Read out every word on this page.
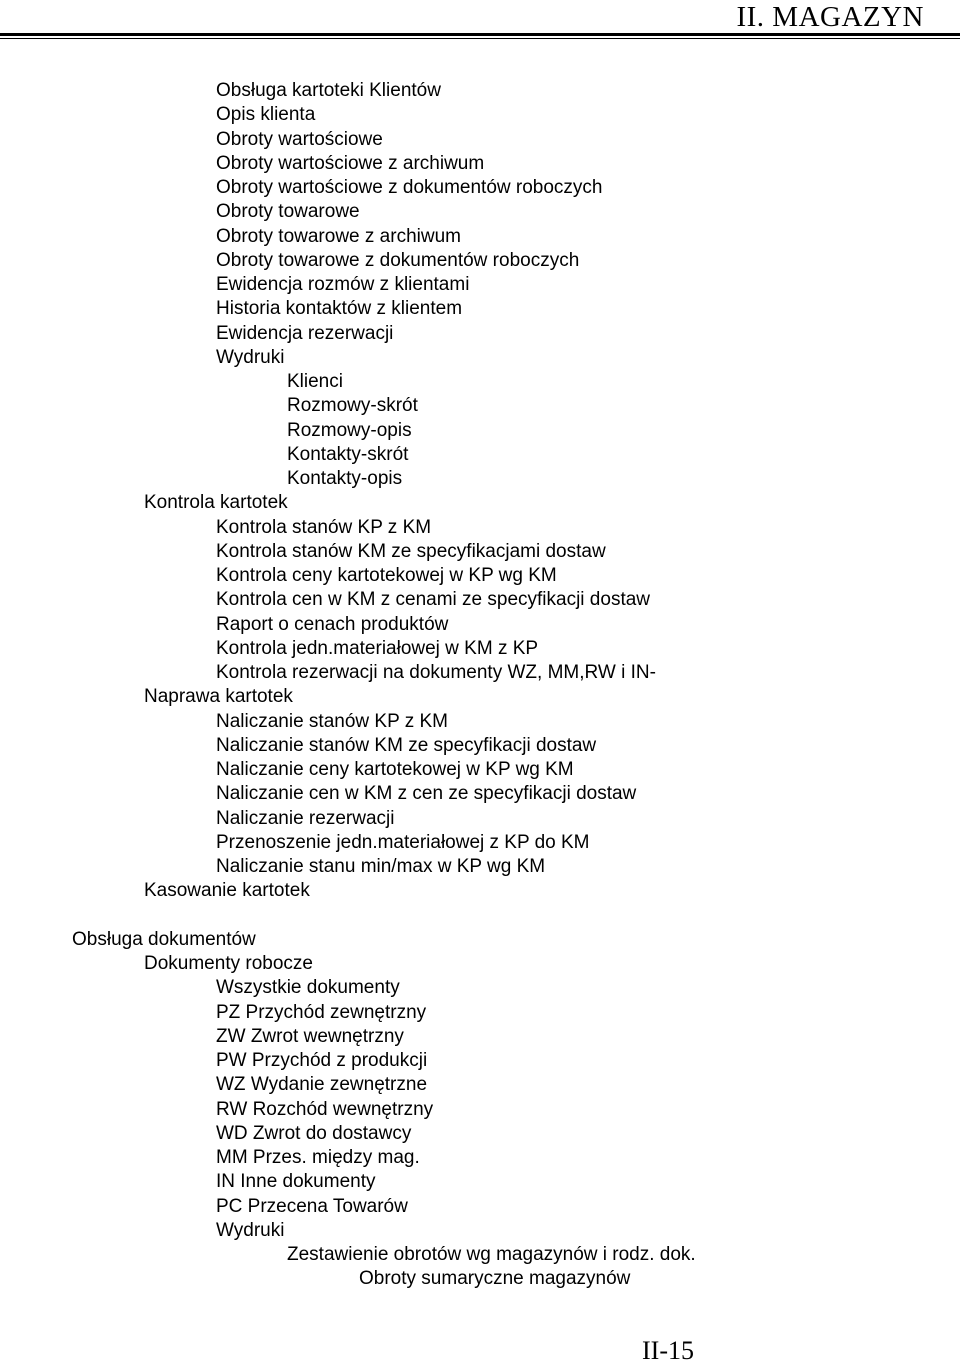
II. MAGAZYN
Obsługa kartoteki Klientów
Opis klienta
Obroty wartościowe
Obroty wartościowe z archiwum
Obroty wartościowe z dokumentów roboczych
Obroty towarowe
Obroty towarowe z archiwum
Obroty towarowe z dokumentów roboczych
Ewidencja rozmów z klientami
Historia kontaktów z klientem
Ewidencja rezerwacji
Wydruki
Klienci
Rozmowy-skrót
Rozmowy-opis
Kontakty-skrót
Kontakty-opis
Kontrola kartotek
Kontrola stanów KP z KM
Kontrola stanów KM ze specyfikacjami dostaw
Kontrola ceny kartotekowej w KP wg KM
Kontrola cen w KM z cenami ze specyfikacji dostaw
Raport o cenach produktów
Kontrola jedn.materiałowej w KM z KP
Kontrola rezerwacji na dokumenty WZ, MM,RW i IN-
Naprawa kartotek
Naliczanie stanów KP z KM
Naliczanie stanów KM ze specyfikacji dostaw
Naliczanie ceny kartotekowej w KP wg KM
Naliczanie cen w KM z cen ze specyfikacji dostaw
Naliczanie rezerwacji
Przenoszenie jedn.materiałowej z KP do KM
Naliczanie stanu min/max w KP wg KM
Kasowanie kartotek
Obsługa dokumentów
Dokumenty robocze
Wszystkie dokumenty
PZ Przychód zewnętrzny
ZW Zwrot wewnętrzny
PW Przychód z produkcji
WZ Wydanie zewnętrzne
RW Rozchód wewnętrzny
WD Zwrot do dostawcy
MM Przes. między mag.
IN Inne dokumenty
PC Przecena Towarów
Wydruki
Zestawienie obrotów wg magazynów i rodz. dok.
Obroty sumaryczne magazynów
II-15
